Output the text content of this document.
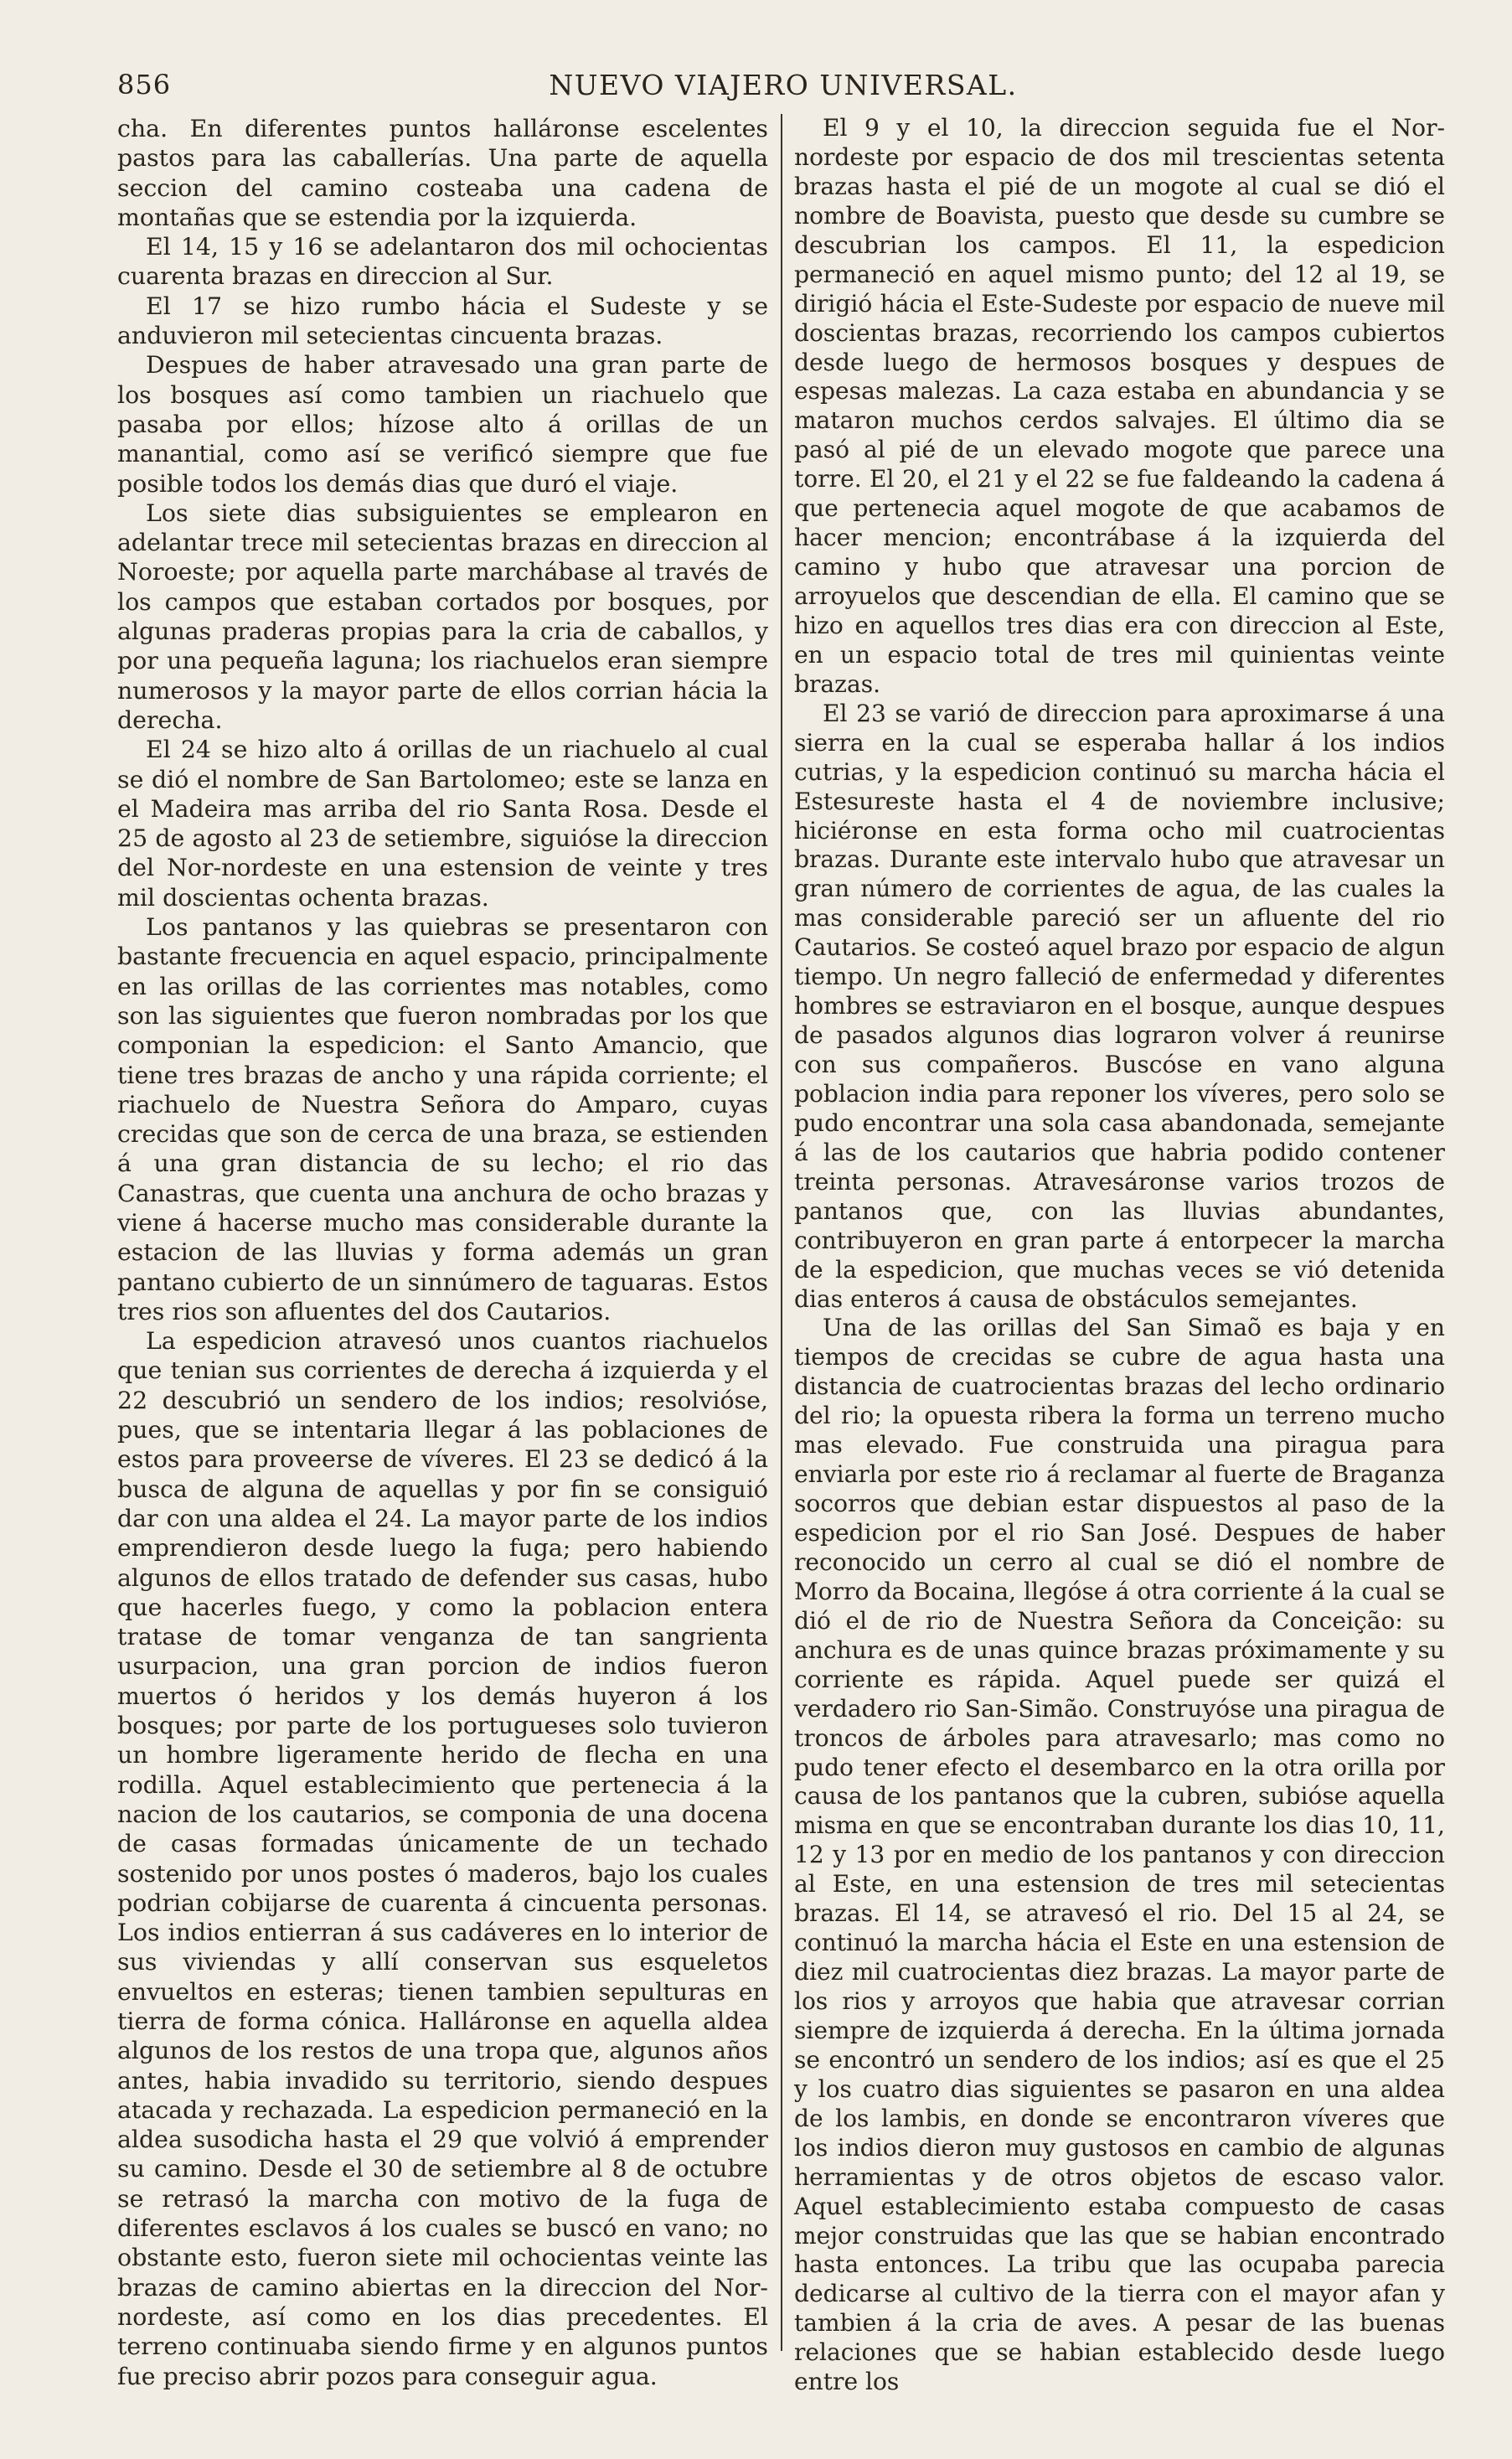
856	NUEVO VIAJERO UNIVERSAL.

cha. En diferentes puntos halláronse escelentes pastos para las caballerías. Una parte de aquella seccion del camino costeaba una cadena de montañas que se estendia por la izquierda.

El 14, 15 y 16 se adelantaron dos mil ochocientas cuarenta brazas en direccion al Sur.

El 17 se hizo rumbo hácia el Sudeste y se anduvieron mil setecientas cincuenta brazas.

Despues de haber atravesado una gran parte de los bosques así como tambien un riachuelo que pasaba por ellos; hízose alto á orillas de un manantial, como así se verificó siempre que fue posible todos los demás dias que duró el viaje.

Los siete dias subsiguientes se emplearon en adelantar trece mil setecientas brazas en direccion al Noroeste; por aquella parte marchábase al través de los campos que estaban cortados por bosques, por algunas praderas propias para la cria de caballos, y por una pequeña laguna; los riachuelos eran siempre numerosos y la mayor parte de ellos corrian hácia la derecha.

El 24 se hizo alto á orillas de un riachuelo al cual se dió el nombre de San Bartolomeo; este se lanza en el Madeira mas arriba del rio Santa Rosa. Desde el 25 de agosto al 23 de setiembre, siguióse la direccion del Nor-nordeste en una estension de veinte y tres mil doscientas ochenta brazas.

Los pantanos y las quiebras se presentaron con bastante frecuencia en aquel espacio, principalmente en las orillas de las corrientes mas notables, como son las siguientes que fueron nombradas por los que componian la espedicion: el Santo Amancio, que tiene tres brazas de ancho y una rápida corriente; el riachuelo de Nuestra Señora do Amparo, cuyas crecidas que son de cerca de una braza, se estienden á una gran distancia de su lecho; el rio das Canastras, que cuenta una anchura de ocho brazas y viene á hacerse mucho mas considerable durante la estacion de las lluvias y forma además un gran pantano cubierto de un sinnúmero de taguaras. Estos tres rios son afluentes del dos Cautarios.

La espedicion atravesó unos cuantos riachuelos que tenian sus corrientes de derecha á izquierda y el 22 descubrió un sendero de los indios; resolvióse, pues, que se intentaria llegar á las poblaciones de estos para proveerse de víveres. El 23 se dedicó á la busca de alguna de aquellas y por fin se consiguió dar con una aldea el 24. La mayor parte de los indios emprendieron desde luego la fuga; pero habiendo algunos de ellos tratado de defender sus casas, hubo que hacerles fuego, y como la poblacion entera tratase de tomar venganza de tan sangrienta usurpacion, una gran porcion de indios fueron muertos ó heridos y los demás huyeron á los bosques; por parte de los portugueses solo tuvieron un hombre ligeramente herido de flecha en una rodilla. Aquel establecimiento que pertenecia á la nacion de los cautarios, se componia de una docena de casas formadas únicamente de un techado sostenido por unos postes ó maderos, bajo los cuales podrian cobijarse de cuarenta á cincuenta personas. Los indios entierran á sus cadáveres en lo interior de sus viviendas y allí conservan sus esqueletos envueltos en esteras; tienen tambien sepulturas en tierra de forma cónica. Halláronse en aquella aldea algunos de los restos de una tropa que, algunos años antes, habia invadido su territorio, siendo despues atacada y rechazada. La espedicion permaneció en la aldea susodicha hasta el 29 que volvió á emprender su camino. Desde el 30 de setiembre al 8 de octubre se retrasó la marcha con motivo de la fuga de diferentes esclavos á los cuales se buscó en vano; no obstante esto, fueron siete mil ochocientas veinte las brazas de camino abiertas en la direccion del Nor-nordeste, así como en los dias precedentes. El terreno continuaba siendo firme y en algunos puntos fue preciso abrir pozos para conseguir agua.

El 9 y el 10, la direccion seguida fue el Nor-nordeste por espacio de dos mil trescientas setenta brazas hasta el pié de un mogote al cual se dió el nombre de Boavista, puesto que desde su cumbre se descubrian los campos. El 11, la espedicion permaneció en aquel mismo punto; del 12 al 19, se dirigió hácia el Este-Sudeste por espacio de nueve mil doscientas brazas, recorriendo los campos cubiertos desde luego de hermosos bosques y despues de espesas malezas. La caza estaba en abundancia y se mataron muchos cerdos salvajes. El último dia se pasó al pié de un elevado mogote que parece una torre. El 20, el 21 y el 22 se fue faldeando la cadena á que pertenecia aquel mogote de que acabamos de hacer mencion; encontrábase á la izquierda del camino y hubo que atravesar una porcion de arroyuelos que descendian de ella. El camino que se hizo en aquellos tres dias era con direccion al Este, en un espacio total de tres mil quinientas veinte brazas.

El 23 se varió de direccion para aproximarse á una sierra en la cual se esperaba hallar á los indios cutrias, y la espedicion continuó su marcha hácia el Estesureste hasta el 4 de noviembre inclusive; hiciéronse en esta forma ocho mil cuatrocientas brazas. Durante este intervalo hubo que atravesar un gran número de corrientes de agua, de las cuales la mas considerable pareció ser un afluente del rio Cautarios. Se costeó aquel brazo por espacio de algun tiempo. Un negro falleció de enfermedad y diferentes hombres se estraviaron en el bosque, aunque despues de pasados algunos dias lograron volver á reunirse con sus compañeros. Buscóse en vano alguna poblacion india para reponer los víveres, pero solo se pudo encontrar una sola casa abandonada, semejante á las de los cautarios que habria podido contener treinta personas. Atravesáronse varios trozos de pantanos que, con las lluvias abundantes, contribuyeron en gran parte á entorpecer la marcha de la espedicion, que muchas veces se vió detenida dias enteros á causa de obstáculos semejantes.

Una de las orillas del San Simaõ es baja y en tiempos de crecidas se cubre de agua hasta una distancia de cuatrocientas brazas del lecho ordinario del rio; la opuesta ribera la forma un terreno mucho mas elevado. Fue construida una piragua para enviarla por este rio á reclamar al fuerte de Braganza socorros que debian estar dispuestos al paso de la espedicion por el rio San José. Despues de haber reconocido un cerro al cual se dió el nombre de Morro da Bocaina, llegóse á otra corriente á la cual se dió el de rio de Nuestra Señora da Conceição: su anchura es de unas quince brazas próximamente y su corriente es rápida. Aquel puede ser quizá el verdadero rio San-Simão. Construyóse una piragua de troncos de árboles para atravesarlo; mas como no pudo tener efecto el desembarco en la otra orilla por causa de los pantanos que la cubren, subióse aquella misma en que se encontraban durante los dias 10, 11, 12 y 13 por en medio de los pantanos y con direccion al Este, en una estension de tres mil setecientas brazas. El 14, se atravesó el rio. Del 15 al 24, se continuó la marcha hácia el Este en una estension de diez mil cuatrocientas diez brazas. La mayor parte de los rios y arroyos que habia que atravesar corrian siempre de izquierda á derecha. En la última jornada se encontró un sendero de los indios; así es que el 25 y los cuatro dias siguientes se pasaron en una aldea de los lambis, en donde se encontraron víveres que los indios dieron muy gustosos en cambio de algunas herramientas y de otros objetos de escaso valor. Aquel establecimiento estaba compuesto de casas mejor construidas que las que se habian encontrado hasta entonces. La tribu que las ocupaba parecia dedicarse al cultivo de la tierra con el mayor afan y tambien á la cria de aves. A pesar de las buenas relaciones que se habian establecido desde luego entre los
